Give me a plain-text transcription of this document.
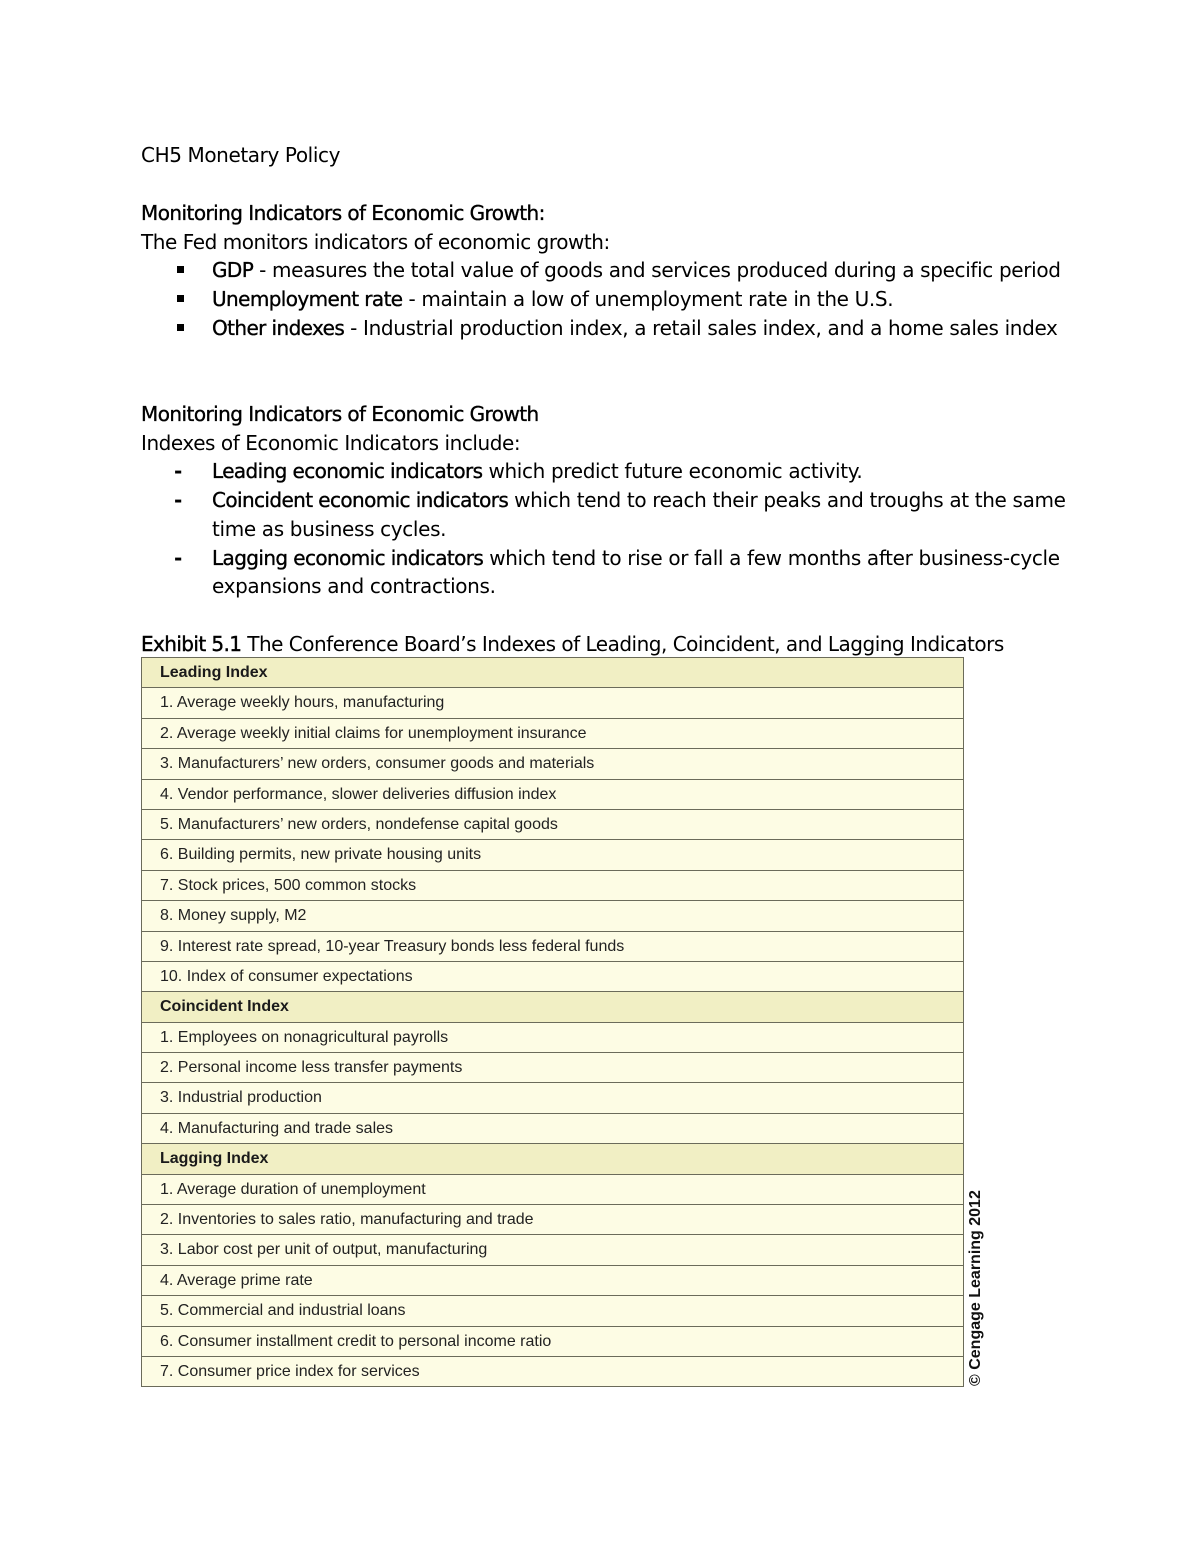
CH5 Monetary Policy
Monitoring Indicators of Economic Growth:
The Fed monitors indicators of economic growth:
GDP - measures the total value of goods and services produced during a specific period
Unemployment rate - maintain a low of unemployment rate in the U.S.
Other indexes - Industrial production index, a retail sales index, and a home sales index
Monitoring Indicators of Economic Growth
Indexes of Economic Indicators include:
- Leading economic indicators which predict future economic activity.
- Coincident economic indicators which tend to reach their peaks and troughs at the same time as business cycles.
- Lagging economic indicators which tend to rise or fall a few months after business-cycle expansions and contractions.
Exhibit 5.1 The Conference Board’s Indexes of Leading, Coincident, and Lagging Indicators
Leading Index
1. Average weekly hours, manufacturing
2. Average weekly initial claims for unemployment insurance
3. Manufacturers’ new orders, consumer goods and materials
4. Vendor performance, slower deliveries diffusion index
5. Manufacturers’ new orders, nondefense capital goods
6. Building permits, new private housing units
7. Stock prices, 500 common stocks
8. Money supply, M2
9. Interest rate spread, 10-year Treasury bonds less federal funds
10. Index of consumer expectations
Coincident Index
1. Employees on nonagricultural payrolls
2. Personal income less transfer payments
3. Industrial production
4. Manufacturing and trade sales
Lagging Index
1. Average duration of unemployment
2. Inventories to sales ratio, manufacturing and trade
3. Labor cost per unit of output, manufacturing
4. Average prime rate
5. Commercial and industrial loans
6. Consumer installment credit to personal income ratio
7. Consumer price index for services	© Cengage Learning 2012
